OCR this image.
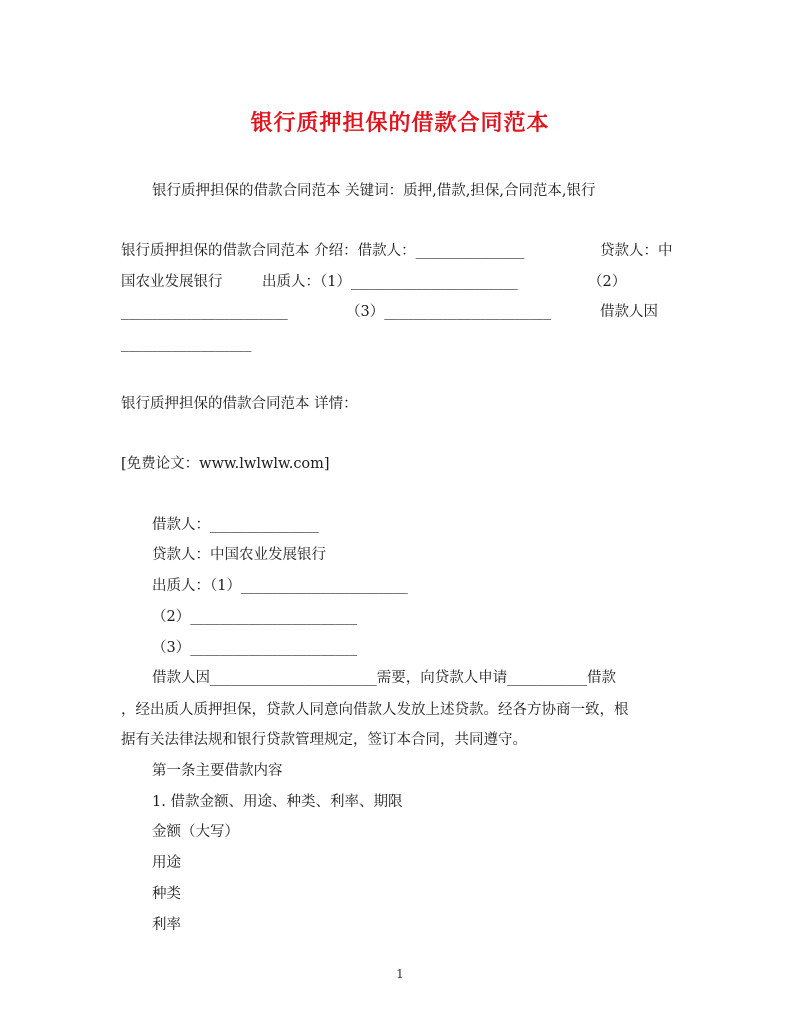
银行质押担保的借款合同范本
银行质押担保的借款合同范本 关键词：质押,借款,担保,合同范本,银行
银行质押担保的借款合同范本 介绍：借款人：_______________	贷款人：中
国农业发展银行	出质人：（1）_______________________	（2）
_______________________	（3）_______________________	借款人因
__________________
银行质押担保的借款合同范本 详情：
[免费论文：www.lwlwlw.com]
借款人：_______________
贷款人：中国农业发展银行
出质人：（1）_______________________
（2）_______________________
（3）_______________________
借款人因_______________________需要，向贷款人申请___________借款
，经出质人质押担保，贷款人同意向借款人发放上述贷款。经各方协商一致，根
据有关法律法规和银行贷款管理规定，签订本合同，共同遵守。
第一条主要借款内容
1. 借款金额、用途、种类、利率、期限
金额（大写）
用途
种类
利率
1
